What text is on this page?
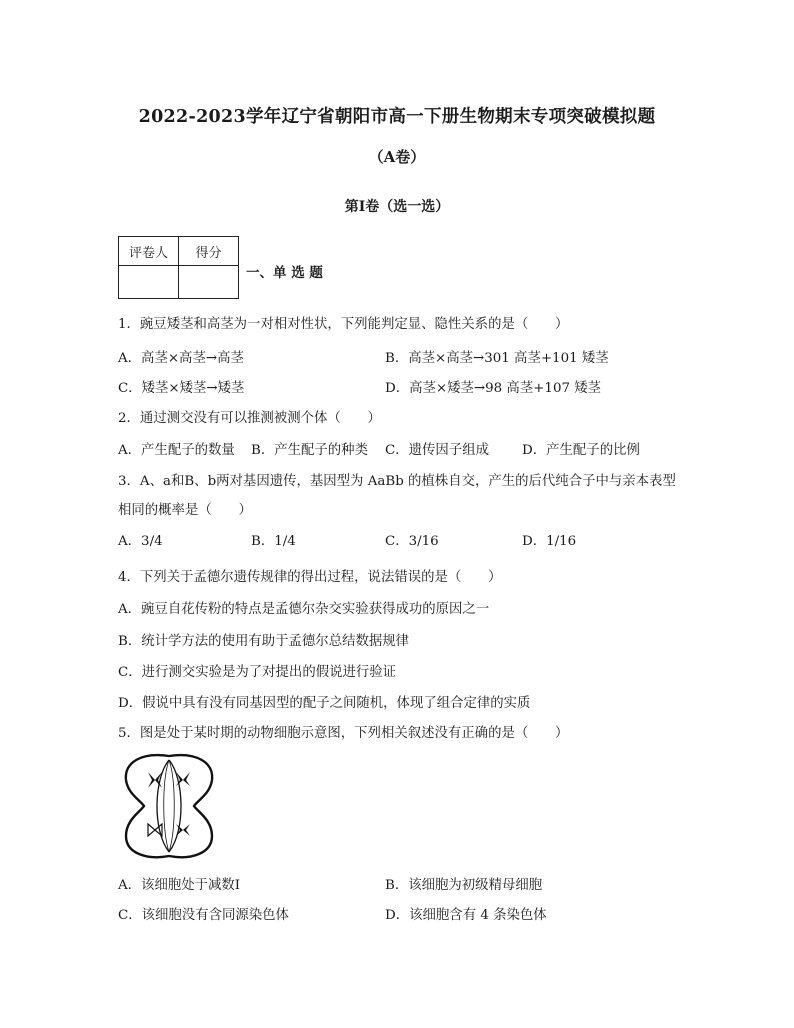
2022-2023学年辽宁省朝阳市高一下册生物期末专项突破模拟题
（A卷）
第Ⅰ卷（选一选）
评卷人	得分

一、单 选 题
1．豌豆矮茎和高茎为一对相对性状，下列能判定显、隐性关系的是（　　）
A．高茎×高茎→高茎	B．高茎×高茎→301 高茎+101 矮茎
C．矮茎×矮茎→矮茎	D．高茎×矮茎→98 高茎+107 矮茎
2．通过测交没有可以推测被测个体（　　）
A．产生配子的数量 B．产生配子的种类 C．遗传因子组成 D．产生配子的比例
3．A、a和B、b两对基因遗传，基因型为 AaBb 的植株自交，产生的后代纯合子中与亲本表型
相同的概率是（　　）
A．3/4	B．1/4	C．3/16	D．1/16
4．下列关于孟德尔遗传规律的得出过程，说法错误的是（　　）
A．豌豆自花传粉的特点是孟德尔杂交实验获得成功的原因之一
B．统计学方法的使用有助于孟德尔总结数据规律
C．进行测交实验是为了对提出的假说进行验证
D．假说中具有没有同基因型的配子之间随机，体现了组合定律的实质
5．图是处于某时期的动物细胞示意图，下列相关叙述没有正确的是（　　）
A．该细胞处于减数Ⅰ	B．该细胞为初级精母细胞
C．该细胞没有含同源染色体	D．该细胞含有 4 条染色体
